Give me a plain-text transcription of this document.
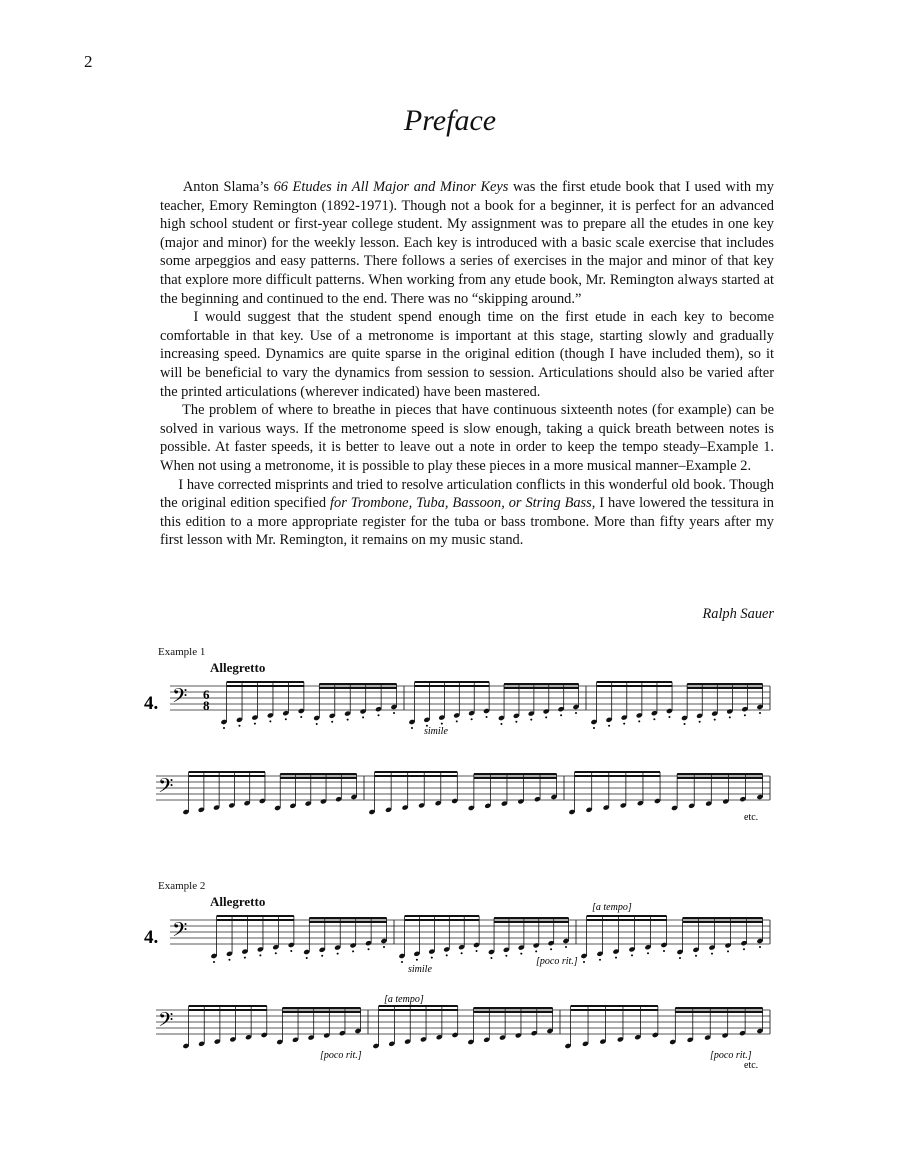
2
Preface

Anton Slama’s 66 Etudes in All Major and Minor Keys was the first etude book that I used with my teacher, Emory Remington (1892-1971). Though not a book for a beginner, it is perfect for an advanced high school student or first-year college student. My assignment was to prepare all the etudes in one key (major and minor) for the weekly lesson. Each key is introduced with a basic scale exercise that includes some arpeggios and easy patterns. There follows a series of exercises in the major and minor of that key that explore more difficult patterns. When working from any etude book, Mr. Remington always started at the beginning and continued to the end. There was no “skipping around.”

I would suggest that the student spend enough time on the first etude in each key to become comfortable in that key. Use of a metronome is important at this stage, starting slowly and gradually increasing speed. Dynamics are quite sparse in the original edition (though I have included them), so it will be beneficial to vary the dynamics from session to session. Articulations should also be varied after the printed articulations (wherever indicated) have been mastered.

The problem of where to breathe in pieces that have continuous sixteenth notes (for example) can be solved in various ways. If the metronome speed is slow enough, taking a quick breath between notes is possible. At faster speeds, it is better to leave out a note in order to keep the tempo steady–Example 1. When not using a metronome, it is possible to play these pieces in a more musical manner–Example 2.

I have corrected misprints and tried to resolve articulation conflicts in this wonderful old book. Though the original edition specified for Trombone, Tuba, Bassoon, or String Bass, I have lowered the tessitura in this edition to a more appropriate register for the tuba or bass trombone. More than fifty years after my first lesson with Mr. Remington, it remains on my music stand.

Ralph Sauer
Example 1
Allegretto
𝄢
𝄢
4.	6
8
simile
etc.
Example 2
Allegretto
𝄢
𝄢
4.
simile
[poco rit.]
[a tempo]
[poco rit.]
[a tempo]
[poco rit.]
etc.
